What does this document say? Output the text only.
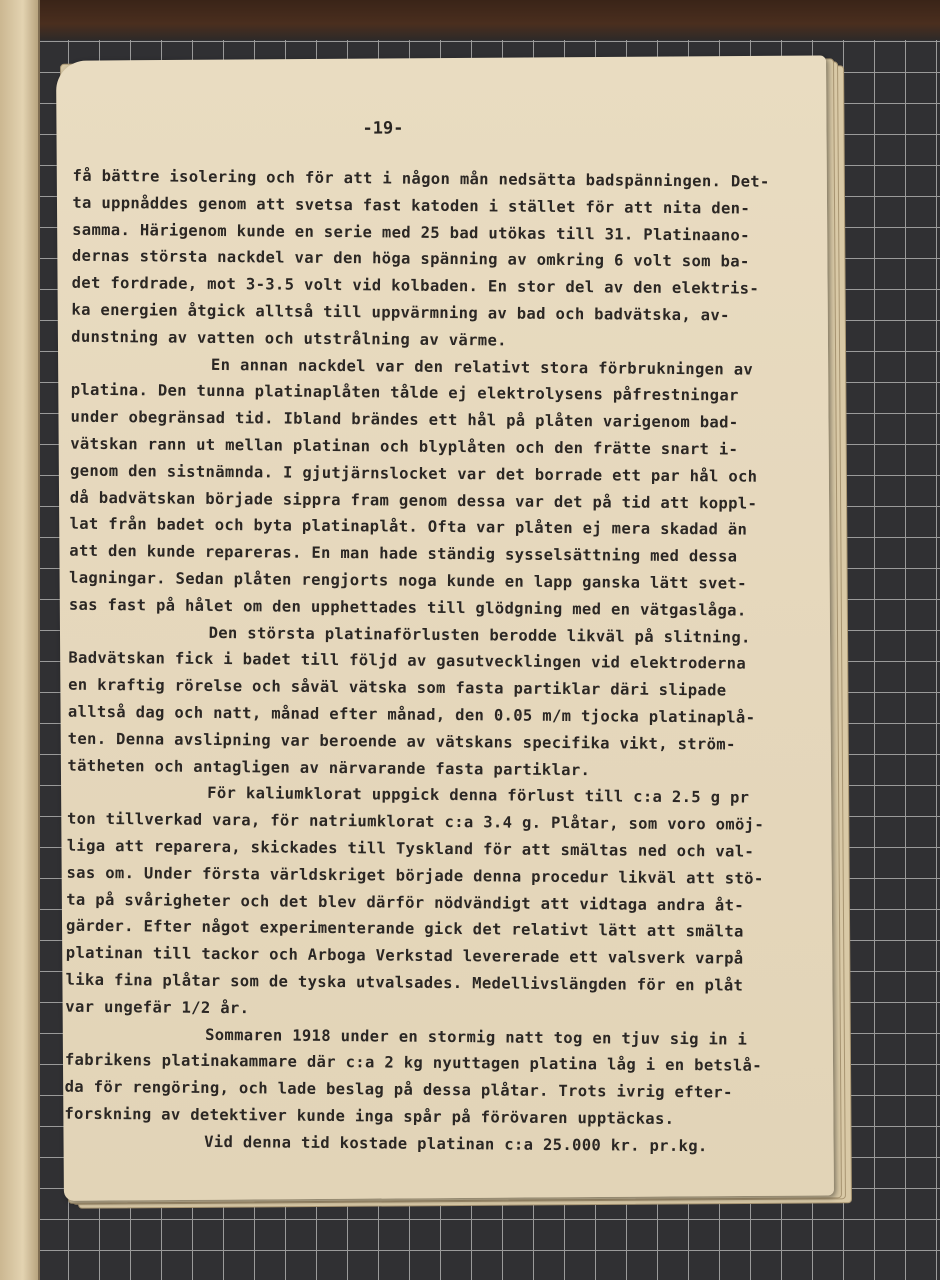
-19-
få bättre isolering och för att i någon mån nedsätta badspänningen. Det-
ta uppnåddes genom att svetsa fast katoden i stället för att nita den-
samma. Härigenom kunde en serie med 25 bad utökas till 31. Platinaano-
dernas största nackdel var den höga spänning av omkring 6 volt som ba-
det fordrade, mot 3-3.5 volt vid kolbaden. En stor del av den elektris-
ka energien åtgick alltså till uppvärmning av bad och badvätska, av-
dunstning av vatten och utstrålning av värme.
En annan nackdel var den relativt stora förbrukningen av
platina. Den tunna platinaplåten tålde ej elektrolysens påfrestningar
under obegränsad tid. Ibland brändes ett hål på plåten varigenom bad-
vätskan rann ut mellan platinan och blyplåten och den frätte snart i-
genom den sistnämnda. I gjutjärnslocket var det borrade ett par hål och
då badvätskan började sippra fram genom dessa var det på tid att koppl-
lat från badet och byta platinaplåt. Ofta var plåten ej mera skadad än
att den kunde repareras. En man hade ständig sysselsättning med dessa
lagningar. Sedan plåten rengjorts noga kunde en lapp ganska lätt svet-
sas fast på hålet om den upphettades till glödgning med en vätgaslåga.
Den största platinaförlusten berodde likväl på slitning.
Badvätskan fick i badet till följd av gasutvecklingen vid elektroderna
en kraftig rörelse och såväl vätska som fasta partiklar däri slipade
alltså dag och natt, månad efter månad, den 0.05 m/m tjocka platinaplå-
ten. Denna avslipning var beroende av vätskans specifika vikt, ström-
tätheten och antagligen av närvarande fasta partiklar.
För kaliumklorat uppgick denna förlust till c:a 2.5 g pr
ton tillverkad vara, för natriumklorat c:a 3.4 g. Plåtar, som voro omöj-
liga att reparera, skickades till Tyskland för att smältas ned och val-
sas om. Under första världskriget började denna procedur likväl att stö-
ta på svårigheter och det blev därför nödvändigt att vidtaga andra åt-
gärder. Efter något experimenterande gick det relativt lätt att smälta
platinan till tackor och Arboga Verkstad levererade ett valsverk varpå
lika fina plåtar som de tyska utvalsades. Medellivslängden för en plåt
var ungefär 1/2 år.
Sommaren 1918 under en stormig natt tog en tjuv sig in i
fabrikens platinakammare där c:a 2 kg nyuttagen platina låg i en betslå-
da för rengöring, och lade beslag på dessa plåtar. Trots ivrig efter-
forskning av detektiver kunde inga spår på förövaren upptäckas.
Vid denna tid kostade platinan c:a 25.000 kr. pr.kg.
